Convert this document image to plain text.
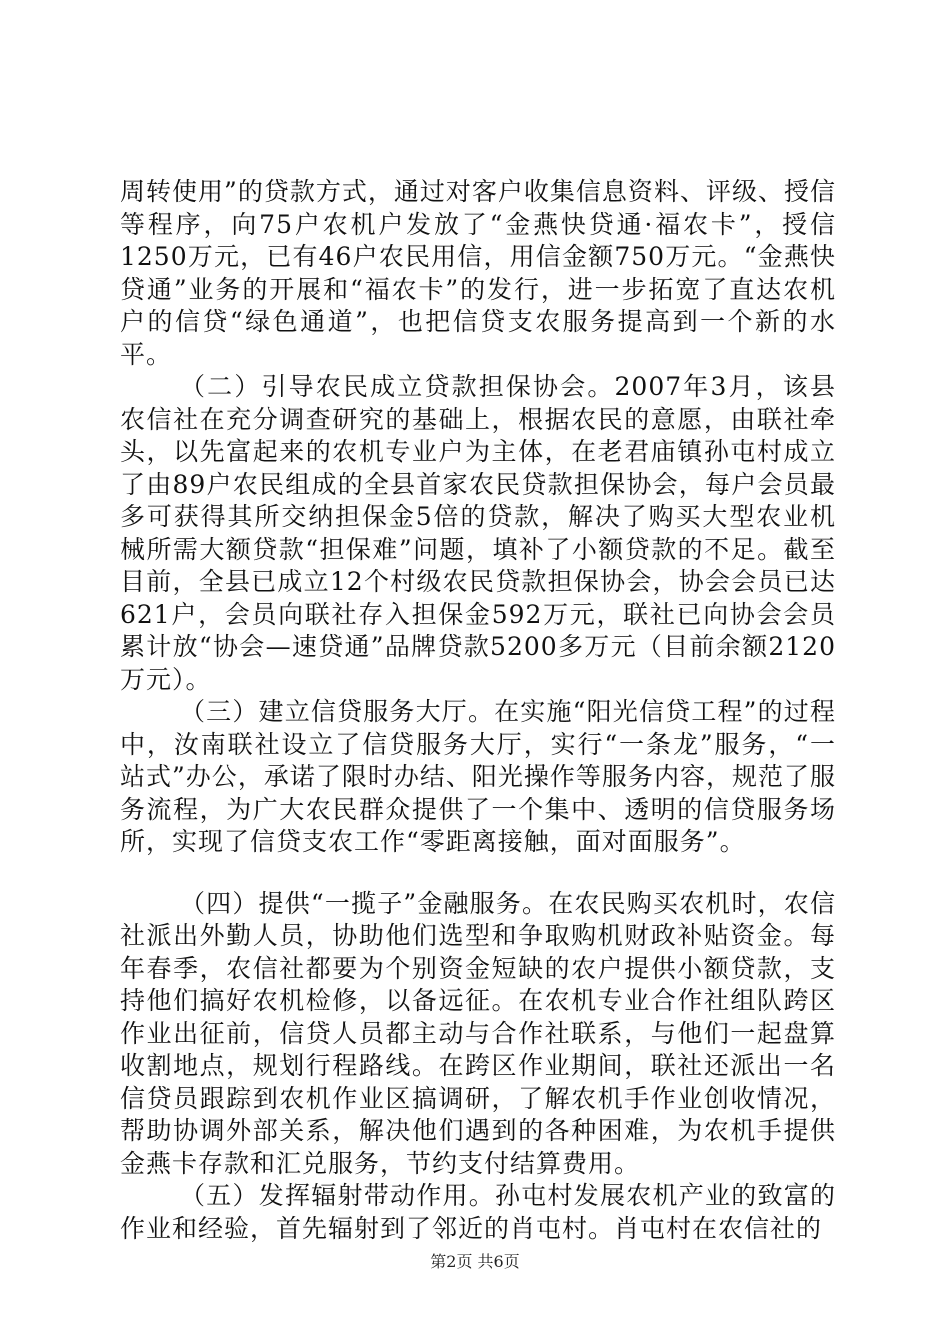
周转使用”的贷款方式，通过对客户收集信息资料、评级、授信等程序，向75户农机户发放了“金燕快贷通·福农卡”，授信1250万元，已有46户农民用信，用信金额750万元。“金燕快贷通”业务的开展和“福农卡”的发行，进一步拓宽了直达农机户的信贷“绿色通道”，也把信贷支农服务提高到一个新的水平。

（二）引导农民成立贷款担保协会。2007年3月，该县农信社在充分调查研究的基础上，根据农民的意愿，由联社牵头，以先富起来的农机专业户为主体，在老君庙镇孙屯村成立了由89户农民组成的全县首家农民贷款担保协会，每户会员最多可获得其所交纳担保金5倍的贷款，解决了购买大型农业机械所需大额贷款“担保难”问题，填补了小额贷款的不足。截至目前，全县已成立12个村级农民贷款担保协会，协会会员已达621户，会员向联社存入担保金592万元，联社已向协会会员累计放“协会—速贷通”品牌贷款5200多万元（目前余额2120万元）。

（三）建立信贷服务大厅。在实施“阳光信贷工程”的过程中，汝南联社设立了信贷服务大厅，实行“一条龙”服务，“一站式”办公，承诺了限时办结、阳光操作等服务内容，规范了服务流程，为广大农民群众提供了一个集中、透明的信贷服务场所，实现了信贷支农工作“零距离接触，面对面服务”。

（四）提供“一揽子”金融服务。在农民购买农机时，农信社派出外勤人员，协助他们选型和争取购机财政补贴资金。每年春季，农信社都要为个别资金短缺的农户提供小额贷款，支持他们搞好农机检修，以备远征。在农机专业合作社组队跨区作业出征前，信贷人员都主动与合作社联系，与他们一起盘算收割地点，规划行程路线。在跨区作业期间，联社还派出一名信贷员跟踪到农机作业区搞调研，了解农机手作业创收情况，帮助协调外部关系，解决他们遇到的各种困难，为农机手提供金燕卡存款和汇兑服务，节约支付结算费用。

（五）发挥辐射带动作用。孙屯村发展农机产业的致富的作业和经验，首先辐射到了邻近的肖屯村。肖屯村在农信社的

第2页 共6页
